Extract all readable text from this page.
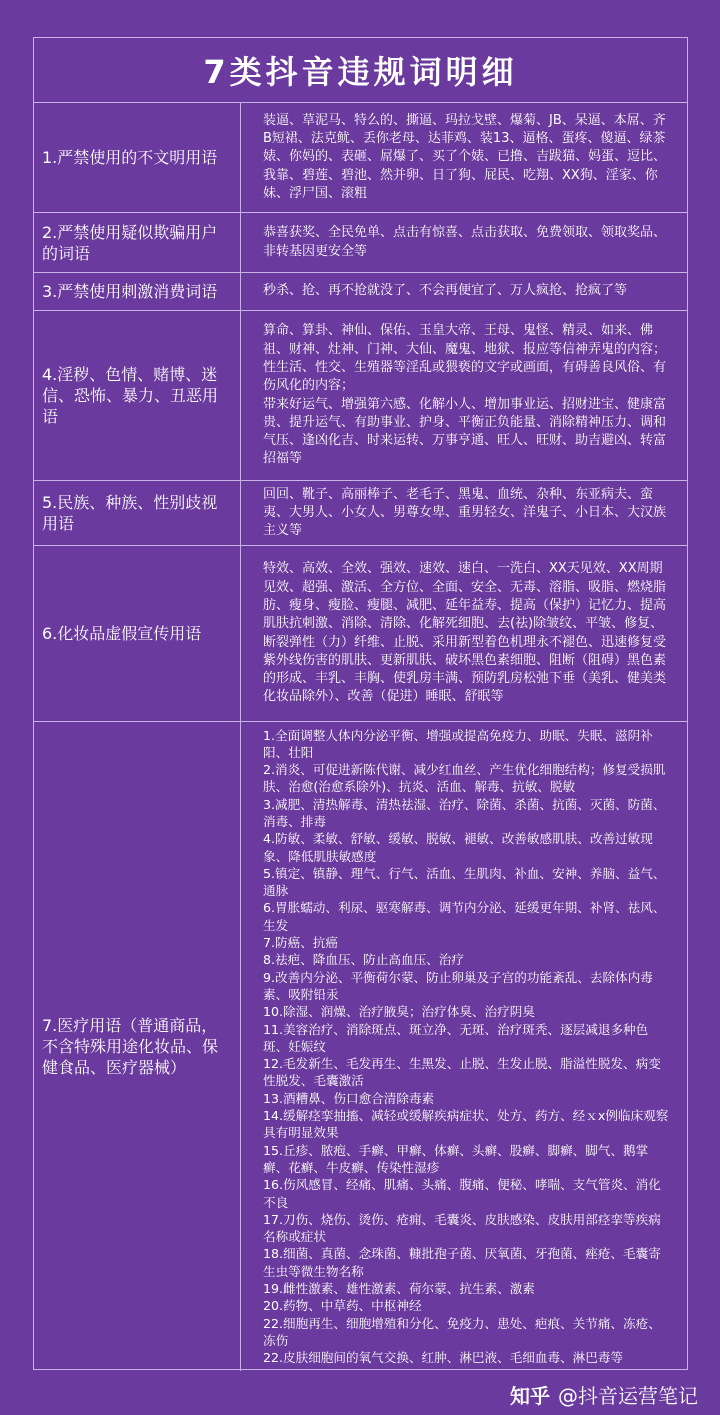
7类抖音违规词明细
1.严禁使用的不文明用语
装逼、草泥马、特么的、撕逼、玛拉戈壁、爆菊、JB、呆逼、本屌、齐B短裙、法克鱿、丢你老母、达菲鸡、装13、逼格、蛋疼、傻逼、绿茶婊、你妈的、表砸、屌爆了、买了个婊、已撸、吉跋猫、妈蛋、逗比、我靠、碧莲、碧池、然并卵、日了狗、屁民、吃翔、XX狗、淫家、你妹、浮尸国、滚粗
2.严禁使用疑似欺骗用户的词语
恭喜获奖、全民免单、点击有惊喜、点击获取、免费领取、领取奖品、非转基因更安全等
3.严禁使用刺激消费词语	秒杀、抢、再不抢就没了、不会再便宜了、万人疯抢、抢疯了等
4.淫秽、色情、赌博、迷信、恐怖、暴力、丑恶用语
算命、算卦、神仙、保佑、玉皇大帝、王母、鬼怪、精灵、如来、佛祖、财神、灶神、门神、大仙、魔鬼、地狱、报应等信神弄鬼的内容；
性生活、性交、生殖器等淫乱或猥亵的文字或画面，有碍善良风俗、有伤风化的内容；
带来好运气、增强第六感、化解小人、增加事业运、招财进宝、健康富贵、提升运气、有助事业、护身、平衡正负能量、消除精神压力、调和气压、逢凶化吉、时来运转、万事亨通、旺人、旺财、助吉避凶、转富招福等
5.民族、种族、性别歧视用语
回回、靴子、高丽棒子、老毛子、黑鬼、血统、杂种、东亚病夫、蛮夷、大男人、小女人、男尊女卑、重男轻女、洋鬼子、小日本、大汉族主义等
6.化妆品虚假宣传用语
特效、高效、全效、强效、速效、速白、一洗白、XX天见效、XX周期见效、超强、激活、全方位、全面、安全、无毒、溶脂、吸脂、燃烧脂肪、瘦身、瘦脸、瘦腿、减肥、延年益寿、提高（保护）记忆力、提高肌肤抗刺激、消除、清除、化解死细胞、去(祛)除皱纹、平皱、修复、断裂弹性（力）纤维、止脱、采用新型着色机理永不褪色、迅速修复受紫外线伤害的肌肤、更新肌肤、破坏黑色素细胞、阻断（阻碍）黑色素的形成、丰乳、丰胸、使乳房丰满、预防乳房松弛下垂（美乳、健美类化妆品除外）、改善（促进）睡眠、舒眠等
7.医疗用语（普通商品，不含特殊用途化妆品、保健食品、医疗器械）
1.全面调整人体内分泌平衡、增强或提高免疫力、助眠、失眠、滋阴补阳、壮阳
2.消炎、可促进新陈代谢、减少红血丝、产生优化细胞结构；修复受损肌肤、治愈(治愈系除外)、抗炎、活血、解毒、抗敏、脱敏
3.减肥、清热解毒、清热祛湿、治疗、除菌、杀菌、抗菌、灭菌、防菌、消毒、排毒
4.防敏、柔敏、舒敏、缓敏、脱敏、褪敏、改善敏感肌肤、改善过敏现象、降低肌肤敏感度
5.镇定、镇静、理气、行气、活血、生肌肉、补血、安神、养脑、益气、通脉
6.胃胀蠕动、利尿、驱寒解毒、调节内分泌、延缓更年期、补肾、祛风、生发
7.防癌、抗癌
8.祛疤、降血压、防止高血压、治疗
9.改善内分泌、平衡荷尔蒙、防止卵巢及子宫的功能紊乱、去除体内毒素、吸附铅汞
10.除湿、润燥、治疗腋臭；治疗体臭、治疗阴臭
11.美容治疗、消除斑点、斑立净、无斑、治疗斑秃、逐层减退多种色斑、妊娠纹
12.毛发新生、毛发再生、生黑发、止脱、生发止脱、脂溢性脱发、病变性脱发、毛囊激活
13.酒糟鼻、伤口愈合清除毒素
14.缓解痉挛抽搐、减轻或缓解疾病症状、处方、药方、经ｘx例临床观察具有明显效果
15.丘疹、脓疱、手癣、甲癣、体癣、头癣、股癣、脚癣、脚气、鹅掌癣、花癣、牛皮癣、传染性湿疹
16.伤风感冒、经痛、肌痛、头痛、腹痛、便秘、哮喘、支气管炎、消化不良
17.刀伤、烧伤、烫伤、疮痈、毛囊炎、皮肤感染、皮肤用部痉挛等疾病名称或症状
18.细菌、真菌、念珠菌、糠批孢子菌、厌氧菌、牙孢菌、痤疮、毛囊寄生虫等微生物名称
19.雌性激素、雄性激素、荷尔蒙、抗生素、激素
20.药物、中草药、中枢神经
22.细胞再生、细胞增殖和分化、免疫力、患处、疤痕、关节痛、冻疮、冻伤
22.皮肤细胞间的氧气交换、红肿、淋巴液、毛细血毒、淋巴毒等
知乎 @抖音运营笔记
